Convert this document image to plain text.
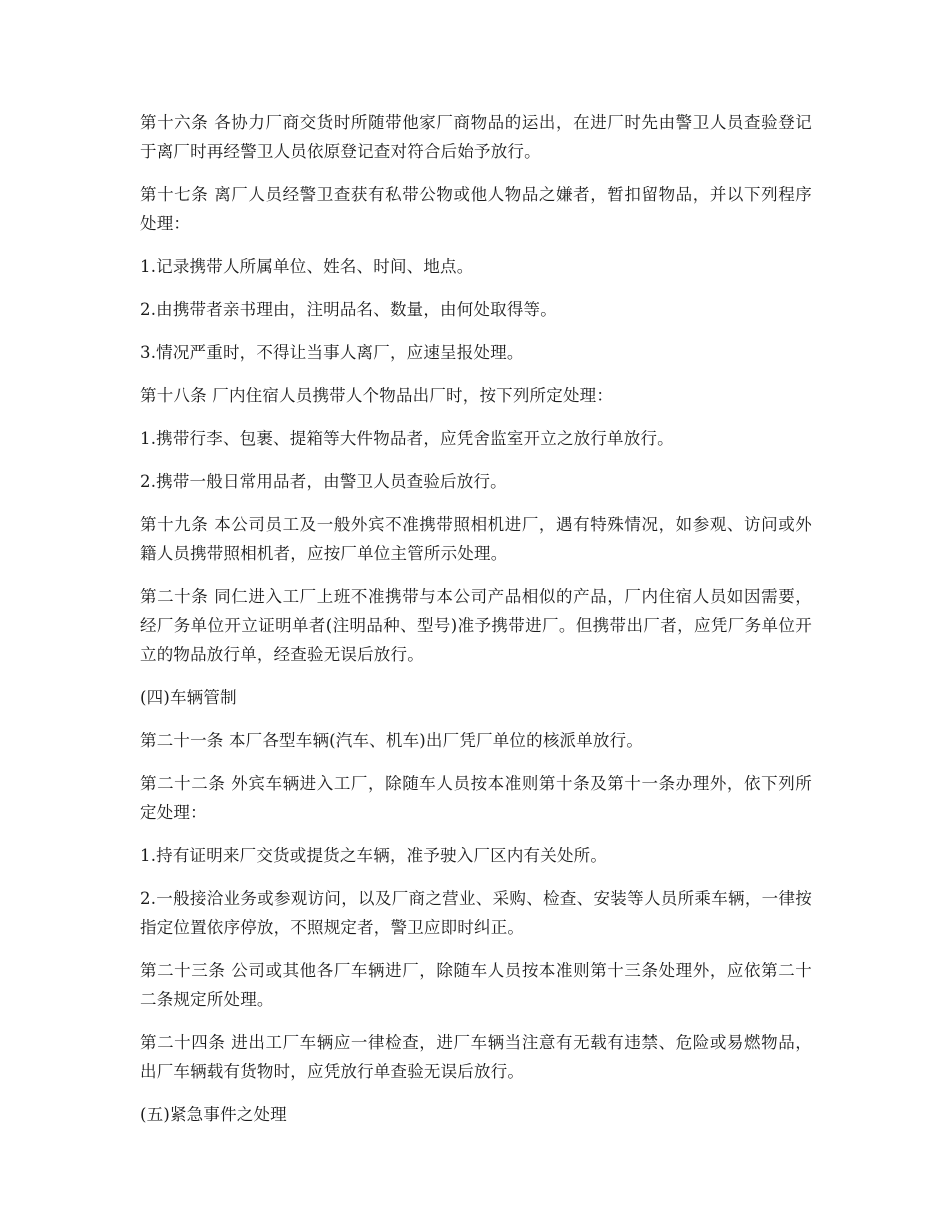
第十六条 各协力厂商交货时所随带他家厂商物品的运出，在进厂时先由警卫人员查验登记于离厂时再经警卫人员依原登记查对符合后始予放行。

第十七条 离厂人员经警卫查获有私带公物或他人物品之嫌者，暂扣留物品，并以下列程序处理：

1.记录携带人所属单位、姓名、时间、地点。

2.由携带者亲书理由，注明品名、数量，由何处取得等。

3.情况严重时，不得让当事人离厂，应速呈报处理。

第十八条 厂内住宿人员携带人个物品出厂时，按下列所定处理：

1.携带行李、包裹、提箱等大件物品者，应凭舍监室开立之放行单放行。

2.携带一般日常用品者，由警卫人员查验后放行。

第十九条 本公司员工及一般外宾不准携带照相机进厂，遇有特殊情况，如参观、访问或外籍人员携带照相机者，应按厂单位主管所示处理。

第二十条 同仁进入工厂上班不准携带与本公司产品相似的产品，厂内住宿人员如因需要，经厂务单位开立证明单者(注明品种、型号)准予携带进厂。但携带出厂者，应凭厂务单位开立的物品放行单，经查验无误后放行。

(四)车辆管制

第二十一条 本厂各型车辆(汽车、机车)出厂凭厂单位的核派单放行。

第二十二条 外宾车辆进入工厂，除随车人员按本准则第十条及第十一条办理外，依下列所定处理：

1.持有证明来厂交货或提货之车辆，准予驶入厂区内有关处所。

2.一般接洽业务或参观访问，以及厂商之营业、采购、检查、安装等人员所乘车辆，一律按指定位置依序停放，不照规定者，警卫应即时纠正。

第二十三条 公司或其他各厂车辆进厂，除随车人员按本准则第十三条处理外，应依第二十二条规定所处理。

第二十四条 进出工厂车辆应一律检查，进厂车辆当注意有无载有违禁、危险或易燃物品，出厂车辆载有货物时，应凭放行单查验无误后放行。

(五)紧急事件之处理
